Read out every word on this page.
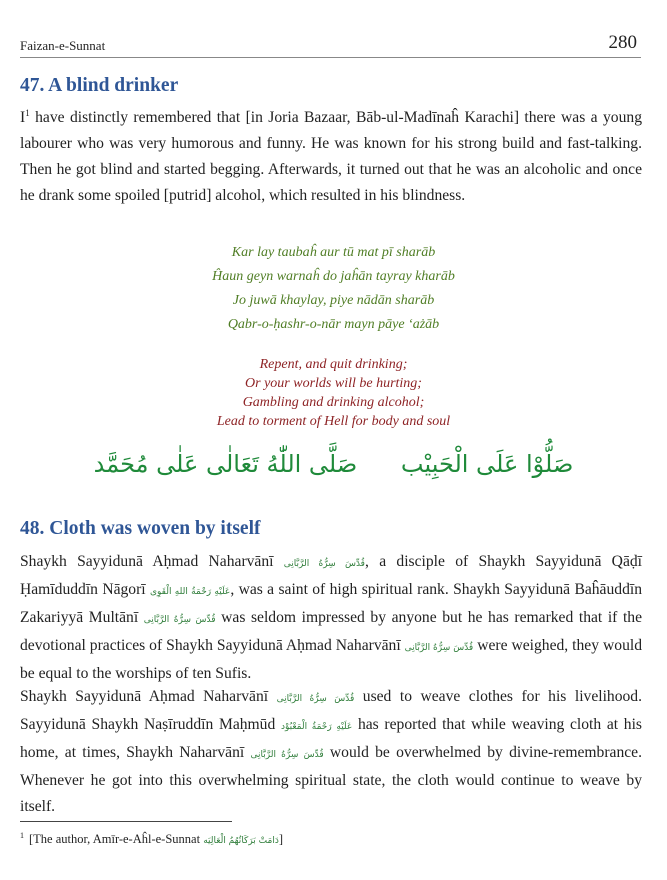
Faizan-e-Sunnat	280
47. A blind drinker

$I^1$ have distinctly remembered that [in Joria Bazaar, Bāb-ul-Madīnaĥ Karachi] there was a young labourer who was very humorous and funny. He was known for his strong build and fast-talking. Then he got blind and started begging. Afterwards, it turned out that he was an alcoholic and once he drank some spoiled [putrid] alcohol, which resulted in his blindness.

Kar lay taubaĥ aur tū mat pī sharāb
Ĥaun geyn warnaĥ do jaĥān tayray kharāb
Jo juwā khaylay, piye nādān sharāb
Qabr-o-ḥashr-o-nār mayn pāye ‘ażāb
Repent, and quit drinking;
Or your worlds will be hurting;
Gambling and drinking alcohol;
Lead to torment of Hell for body and soul
صَلُّوْا عَلَى الْحَبِیْب صَلَّى اللّٰهُ تَعَالٰى عَلٰى مُحَمَّد
48. Cloth was woven by itself

Shaykh Sayyidunā Aḥmad Naharvānī قُدِّسَ سِرُّهُ الرَّبَّانِی, a disciple of Shaykh Sayyidunā Qāḍī Ḥamīduddīn Nāgorī عَلَيْهِ رَحْمَةُ اللهِ الْقَوِى, was a saint of high spiritual rank. Shaykh Sayyidunā Baĥāuddīn Zakariyyā Multānī قُدِّسَ سِرُّهُ الرَّبَّانِی was seldom impressed by anyone but he has remarked that if the devotional practices of Shaykh Sayyidunā Aḥmad Naharvānī قُدِّسَ سِرُّهُ الرَّبَّانِی were weighed, they would be equal to the worships of ten Sufis.

Shaykh Sayyidunā Aḥmad Naharvānī قُدِّسَ سِرُّهُ الرَّبَّانِی used to weave clothes for his livelihood. Sayyidunā Shaykh Naṣīruddīn Maḥmūd عَلَيْهِ رَحْمَةُ الْمَعْبُوْد has reported that while weaving cloth at his home, at times, Shaykh Naharvānī قُدِّسَ سِرُّهُ الرَّبَّانِی would be overwhelmed by divine-remembrance. Whenever he got into this overwhelming spiritual state, the cloth would continue to weave by itself.

$^1$ [The author, Amīr-e-Aĥl-e-Sunnat دَامَتْ بَرَكَاتُهُمُ الْعَالِيَه]
